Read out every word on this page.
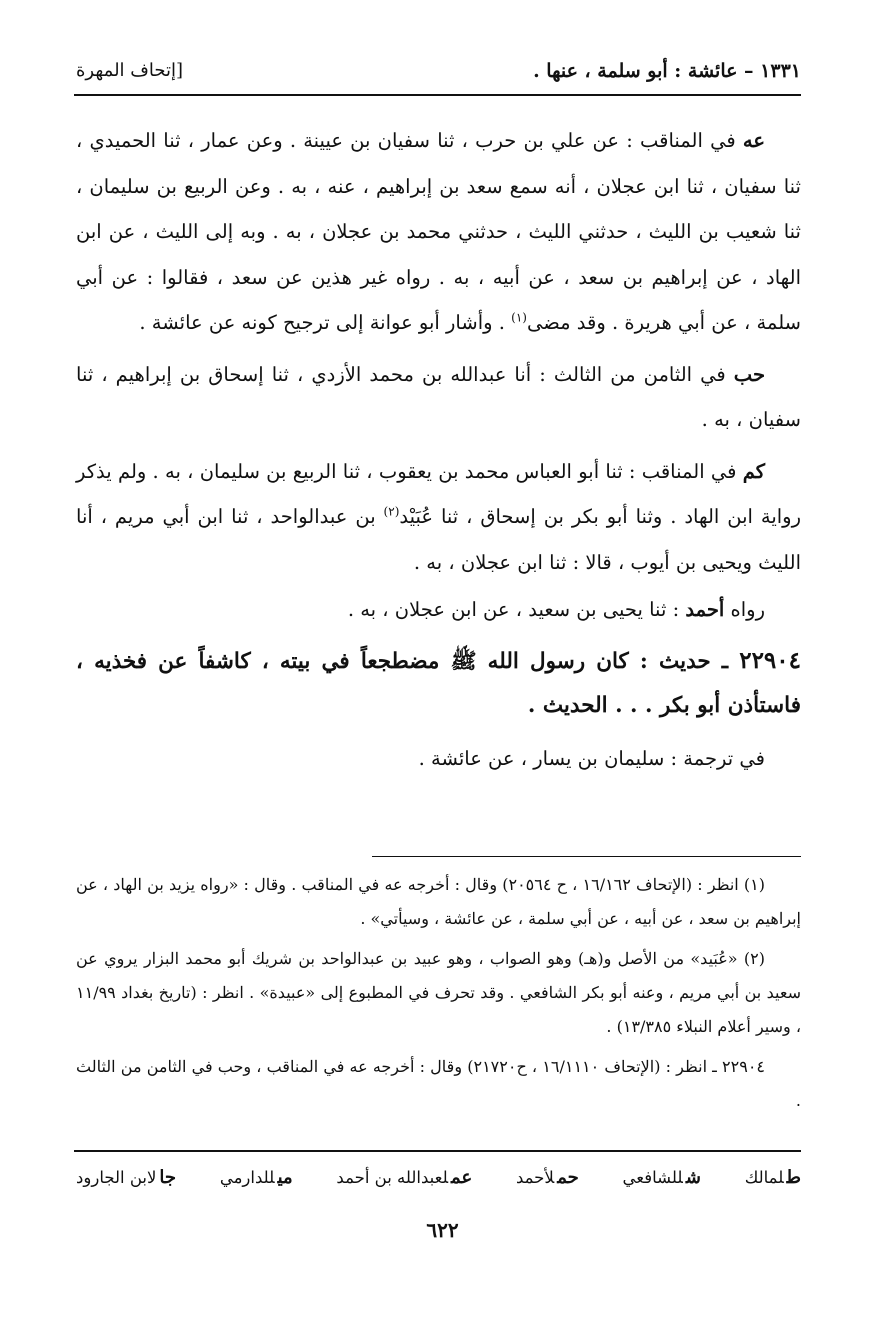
١٣٣١ – عائشة : أبو سلمة ، عنها .
[إتحاف المهرة

عه في المناقب : عن علي بن حرب ، ثنا سفيان بن عيينة . وعن عمار ، ثنا الحميدي ، ثنا سفيان ، ثنا ابن عجلان ، أنه سمع سعد بن إبراهيم ، عنه ، به . وعن الربيع بن سليمان ، ثنا شعيب بن الليث ، حدثني الليث ، حدثني محمد بن عجلان ، به . وبه إلى الليث ، عن ابن الهاد ، عن إبراهيم بن سعد ، عن أبيه ، به . رواه غير هذين عن سعد ، فقالوا : عن أبي سلمة ، عن أبي هريرة . وقد مضى$^{(١)}$ . وأشار أبو عوانة إلى ترجيح كونه عن عائشة .

حب في الثامن من الثالث : أنا عبدالله بن محمد الأزدي ، ثنا إسحاق بن إبراهيم ، ثنا سفيان ، به .

كم في المناقب : ثنا أبو العباس محمد بن يعقوب ، ثنا الربيع بن سليمان ، به . ولم يذكر رواية ابن الهاد . وثنا أبو بكر بن إسحاق ، ثنا عُبَيْد$^{(٢)}$ بن عبدالواحد ، ثنا ابن أبي مريم ، أنا الليث ويحيى بن أيوب ، قالا : ثنا ابن عجلان ، به .

رواه أحمد : ثنا يحيى بن سعيد ، عن ابن عجلان ، به .

٢٢٩٠٤ ـ حديث : كان رسول الله ﷺ مضطجعاً في بيته ، كاشفاً عن فخذيه ، فاستأذن أبو بكر . . . الحديث .

في ترجمة : سليمان بن يسار ، عن عائشة .

(١) انظر : (الإتحاف ١٦/١٦٢ ، ح ٢٠٥٦٤) وقال : أخرجه عه في المناقب . وقال : «رواه يزيد بن الهاد ، عن إبراهيم بن سعد ، عن أبيه ، عن أبي سلمة ، عن عائشة ، وسيأتي» .

(٢) «عُبَيد» من الأصل و(هـ) وهو الصواب ، وهو عبيد بن عبدالواحد بن شريك أبو محمد البزار يروي عن سعيد بن أبي مريم ، وعنه أبو بكر الشافعي . وقد تحرف في المطبوع إلى «عبيدة» . انظر : (تاريخ بغداد ١١/٩٩ ، وسير أعلام النبلاء ١٣/٣٨٥) .

٢٢٩٠٤ ـ انظر : (الإتحاف ١٦/١١١٠ ، ح٢١٧٢٠) وقال : أخرجه عه في المناقب ، وحب في الثامن من الثالث .

طلمالك
شللشافعي
حملأحمد
عملعبدالله بن أحمد
ميللدارمي
جالابن الجارود
٦٢٢
